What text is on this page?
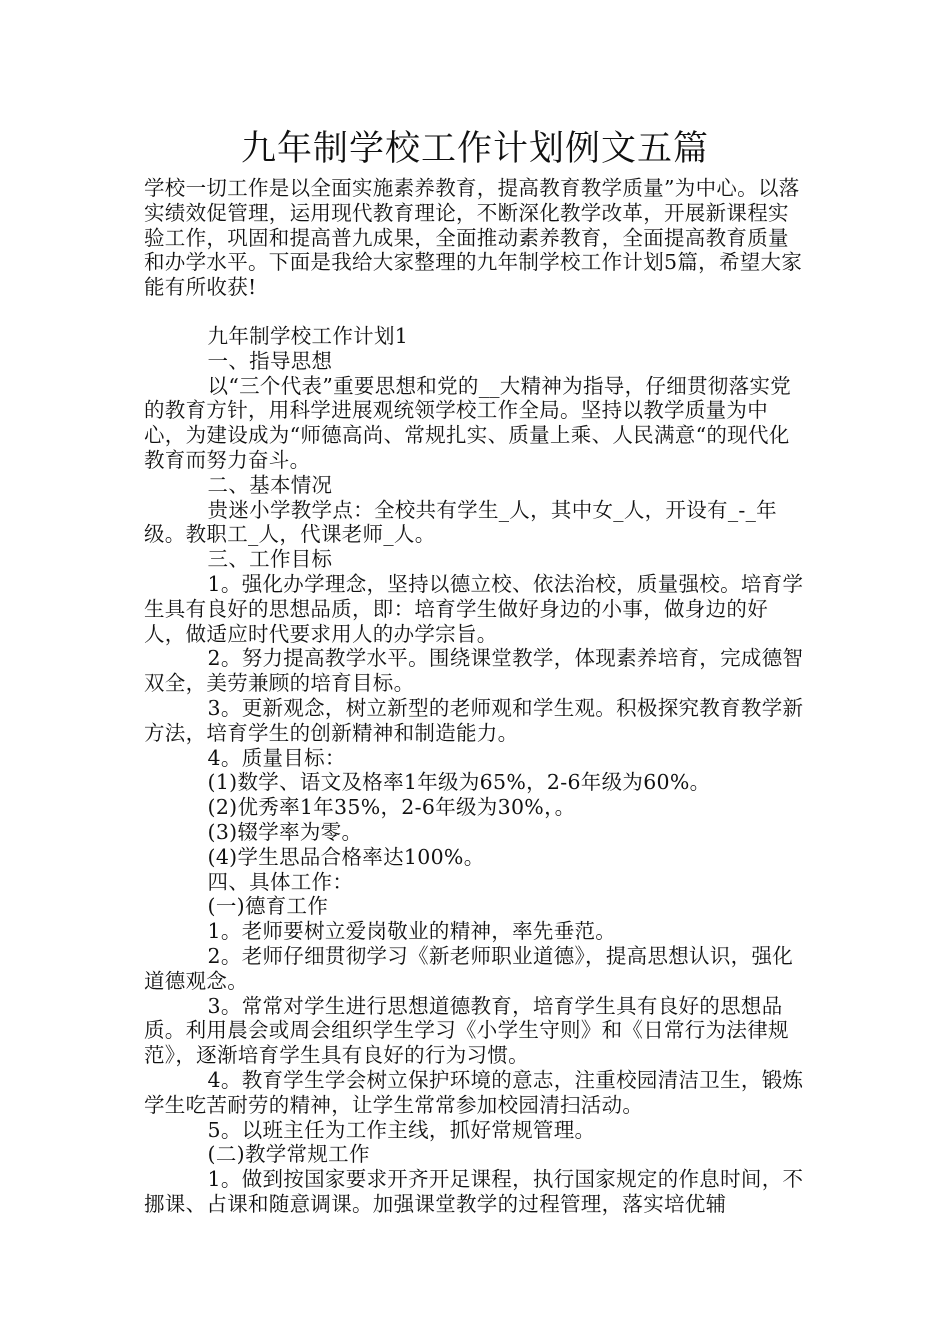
九年制学校工作计划例文五篇

学校一切工作是以全面实施素养教育，提高教育教学质量”为中心。以落实绩效促管理，运用现代教育理论，不断深化教学改革，开展新课程实验工作，巩固和提高普九成果，全面推动素养教育，全面提高教育质量和办学水平。下面是我给大家整理的九年制学校工作计划5篇，希望大家能有所收获!

九年制学校工作计划1

一、指导思想

以“三个代表”重要思想和党的__大精神为指导，仔细贯彻落实党的教育方针，用科学进展观统领学校工作全局。坚持以教学质量为中心，为建设成为“师德高尚、常规扎实、质量上乘、人民满意“的现代化教育而努力奋斗。

二、基本情况

贵迷小学教学点：全校共有学生_人，其中女_人，开设有_-_年级。教职工_人，代课老师_人。

三、工作目标

1。强化办学理念，坚持以德立校、依法治校，质量强校。培育学生具有良好的思想品质，即：培育学生做好身边的小事，做身边的好人，做适应时代要求用人的办学宗旨。

2。努力提高教学水平。围绕课堂教学，体现素养培育，完成德智双全，美劳兼顾的培育目标。

3。更新观念，树立新型的老师观和学生观。积极探究教育教学新方法，培育学生的创新精神和制造能力。

4。质量目标：

(1)数学、语文及格率1年级为65%，2-6年级为60%。

(2)优秀率1年35%，2-6年级为30%，。

(3)辍学率为零。

(4)学生思品合格率达100%。

四、具体工作：

(一)德育工作

1。老师要树立爱岗敬业的精神，率先垂范。

2。老师仔细贯彻学习《新老师职业道德》，提高思想认识，强化道德观念。

3。常常对学生进行思想道德教育，培育学生具有良好的思想品质。利用晨会或周会组织学生学习《小学生守则》和《日常行为法律规范》，逐渐培育学生具有良好的行为习惯。

4。教育学生学会树立保护环境的意志，注重校园清洁卫生，锻炼学生吃苦耐劳的精神，让学生常常参加校园清扫活动。

5。以班主任为工作主线，抓好常规管理。

(二)教学常规工作

1。做到按国家要求开齐开足课程，执行国家规定的作息时间，不挪课、占课和随意调课。加强课堂教学的过程管理，落实培优辅
